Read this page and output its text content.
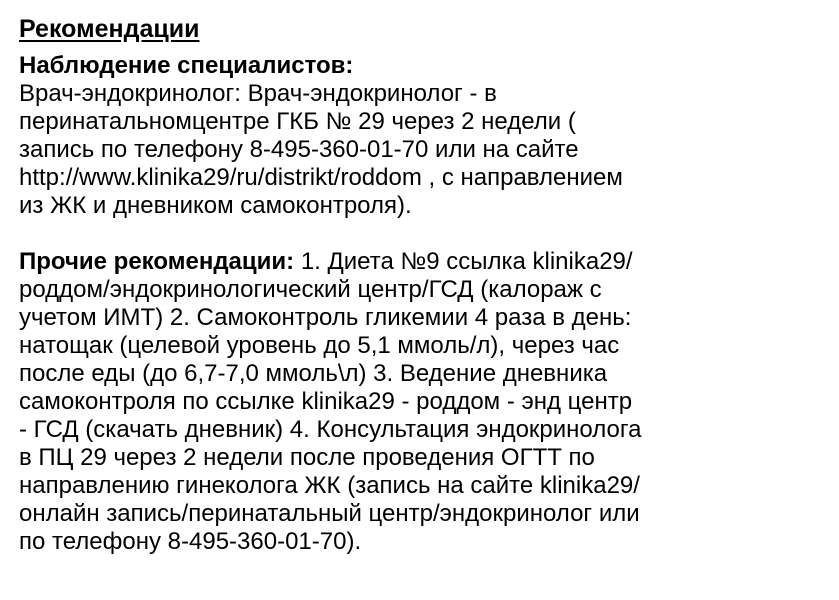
Рекомендации
Наблюдение специалистов:
Врач-эндокринолог: Врач-эндокринолог - в
перинатальномцентре ГКБ № 29 через 2 недели (
запись по телефону 8-495-360-01-70 или на сайте
http://www.klinika29/ru/distrikt/roddom , с направлением
из ЖК и дневником самоконтроля).

Прочие рекомендации: 1. Диета №9 ссылка klinika29/
роддом/эндокринологический центр/ГСД (калораж с
учетом ИМТ) 2. Самоконтроль гликемии 4 раза в день:
натощак (целевой уровень до 5,1 ммоль/л), через час
после еды (до 6,7-7,0 ммоль\л) 3. Ведение дневника
самоконтроля по ссылке klinika29 - роддом - энд центр
- ГСД (скачать дневник) 4. Консультация эндокринолога
в ПЦ 29 через 2 недели после проведения ОГТТ по
направлению гинеколога ЖК (запись на сайте klinika29/
онлайн запись/перинатальный центр/эндокринолог или
по телефону 8-495-360-01-70).
